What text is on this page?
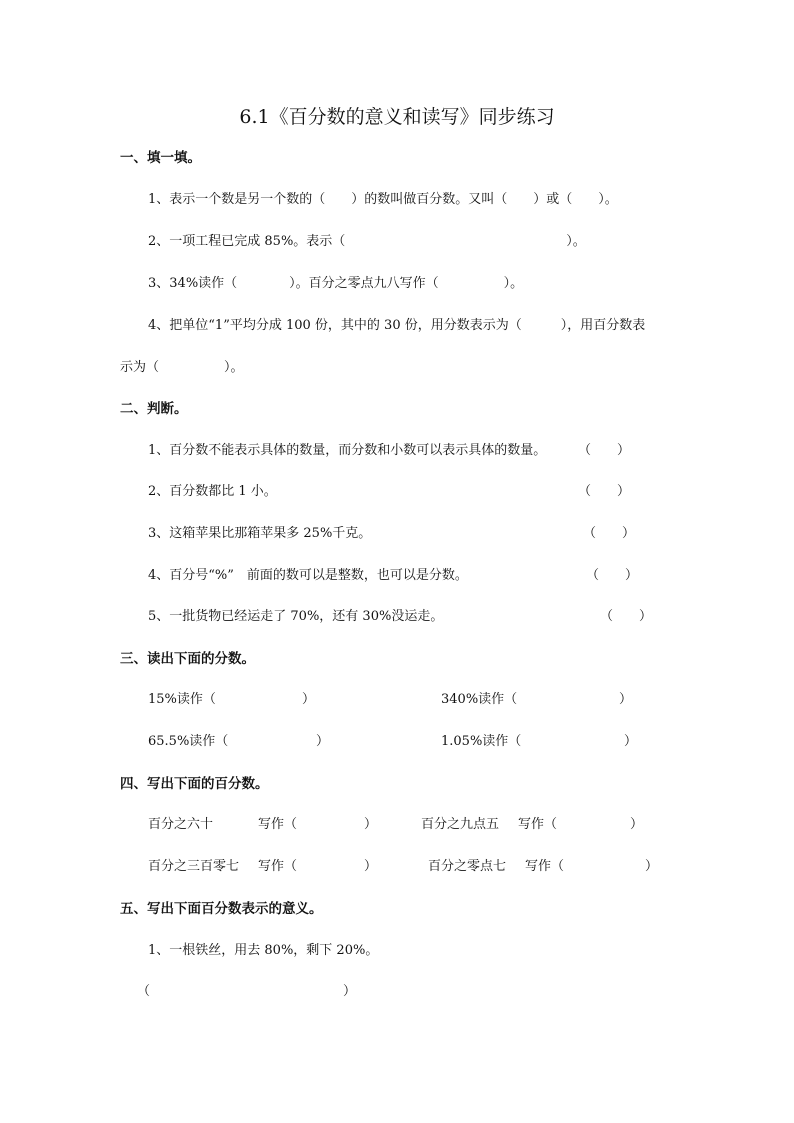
6.1《百分数的意义和读写》同步练习
一、填一填。
1、表示一个数是另一个数的（　　）的数叫做百分数。又叫（　　）或（　　）。
2、一项工程已完成 85%。表示（　　　　　　　　　　　　　　　　　）。
3、34%读作（　　　　）。百分之零点九八写作（　　　　　）。
4、把单位“1”平均分成 100 份，其中的 30 份，用分数表示为（　　　），用百分数表
示为（　　　　　）。
二、判断。
1、百分数不能表示具体的数量，而分数和小数可以表示具体的数量。 （　　）
2、百分数都比 1 小。	（　　）
3、这箱苹果比那箱苹果多 25%千克。	（　　）
4、百分号“%”　前面的数可以是整数，也可以是分数。	（　　）
5、一批货物已经运走了 70%，还有 30%没运走。	（　　）
三、读出下面的分数。
15%读作（	）	340%读作（	）
65.5%读作（	）	1.05%读作（	）
四、写出下面的百分数。
百分之六十	写作（	）	百分之九点五 写作（	）
百分之三百零七 写作（	）	百分之零点七 写作（	）
五、写出下面百分数表示的意义。
1、一根铁丝，用去 80%，剩下 20%。
（	）
